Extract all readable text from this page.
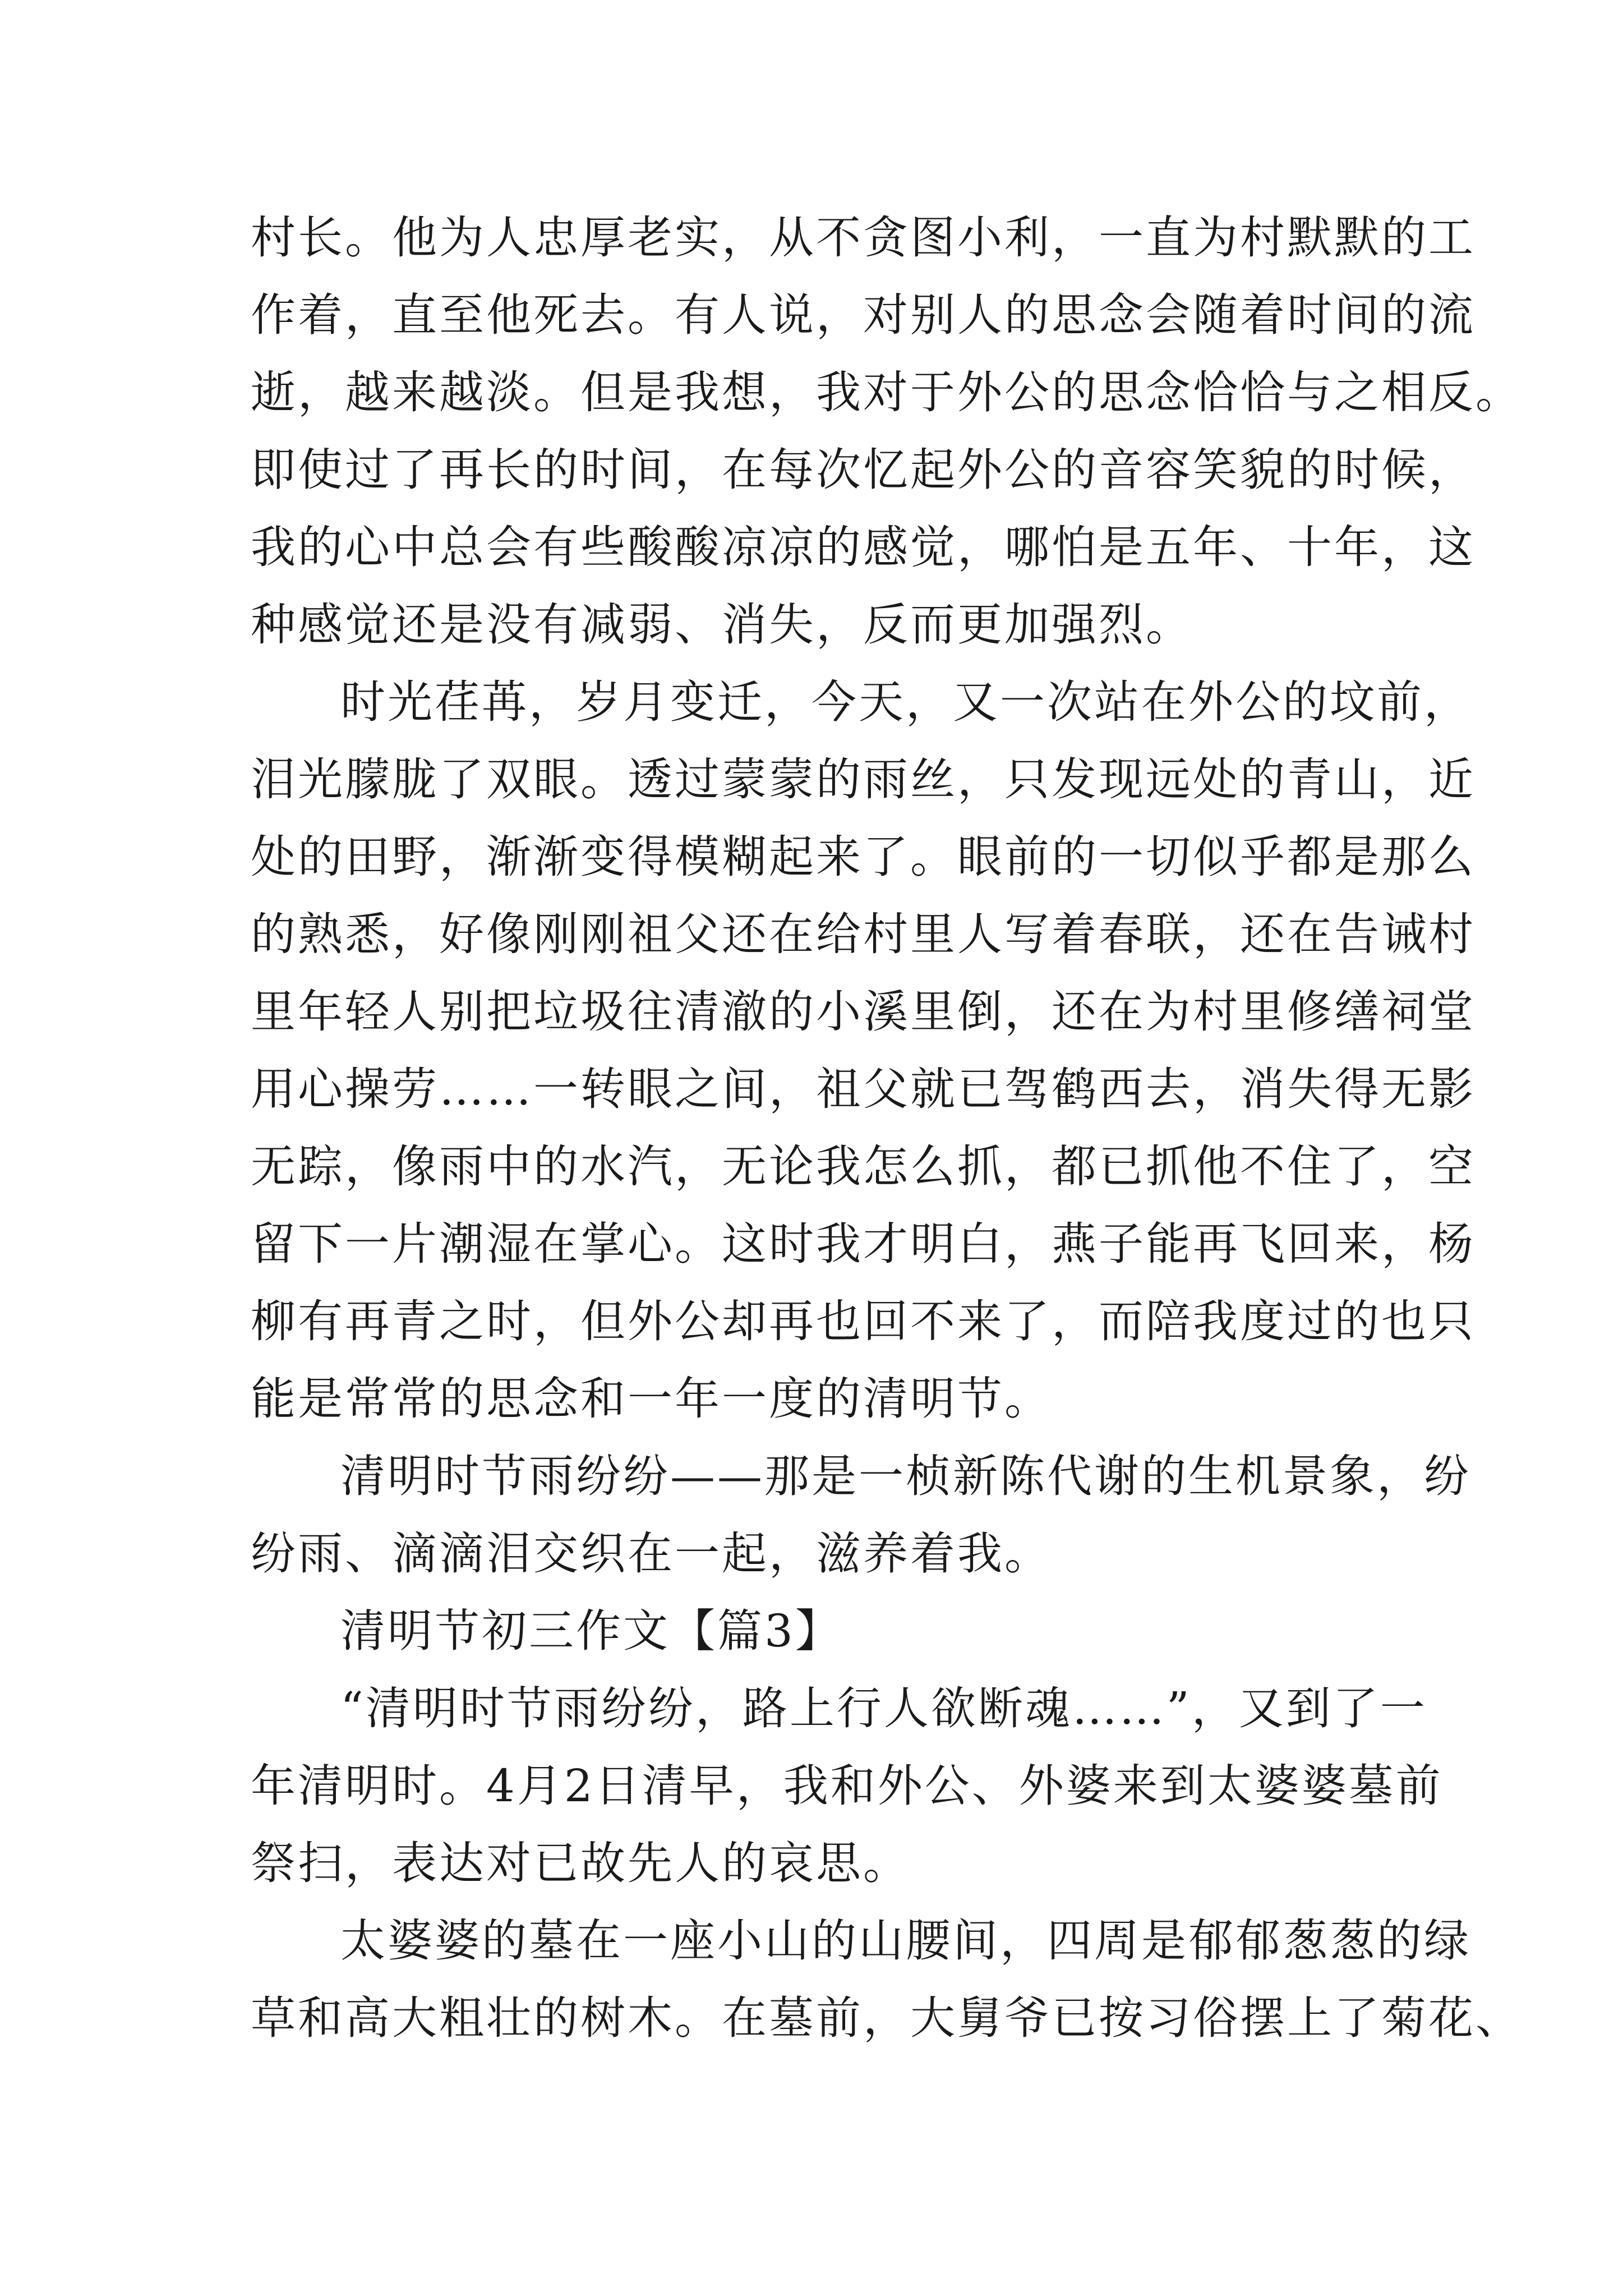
村长。他为人忠厚老实，从不贪图小利，一直为村默默的工
作着，直至他死去。有人说，对别人的思念会随着时间的流
逝，越来越淡。但是我想，我对于外公的思念恰恰与之相反。
即使过了再长的时间，在每次忆起外公的音容笑貌的时候，
我的心中总会有些酸酸凉凉的感觉，哪怕是五年、十年，这
种感觉还是没有减弱、消失，反而更加强烈。
时光荏苒，岁月变迁，今天，又一次站在外公的坟前，
泪光朦胧了双眼。透过蒙蒙的雨丝，只发现远处的青山，近
处的田野，渐渐变得模糊起来了。眼前的一切似乎都是那么
的熟悉，好像刚刚祖父还在给村里人写着春联，还在告诫村
里年轻人别把垃圾往清澈的小溪里倒，还在为村里修缮祠堂
用心操劳……一转眼之间，祖父就已驾鹤西去，消失得无影
无踪，像雨中的水汽，无论我怎么抓，都已抓他不住了，空
留下一片潮湿在掌心。这时我才明白，燕子能再飞回来，杨
柳有再青之时，但外公却再也回不来了，而陪我度过的也只
能是常常的思念和一年一度的清明节。
清明时节雨纷纷——那是一桢新陈代谢的生机景象，纷
纷雨、滴滴泪交织在一起，滋养着我。
清明节初三作文【篇3】
“清明时节雨纷纷，路上行人欲断魂……”，又到了一
年清明时。4月2日清早，我和外公、外婆来到太婆婆墓前
祭扫，表达对已故先人的哀思。
太婆婆的墓在一座小山的山腰间，四周是郁郁葱葱的绿
草和高大粗壮的树木。在墓前，大舅爷已按习俗摆上了菊花、
